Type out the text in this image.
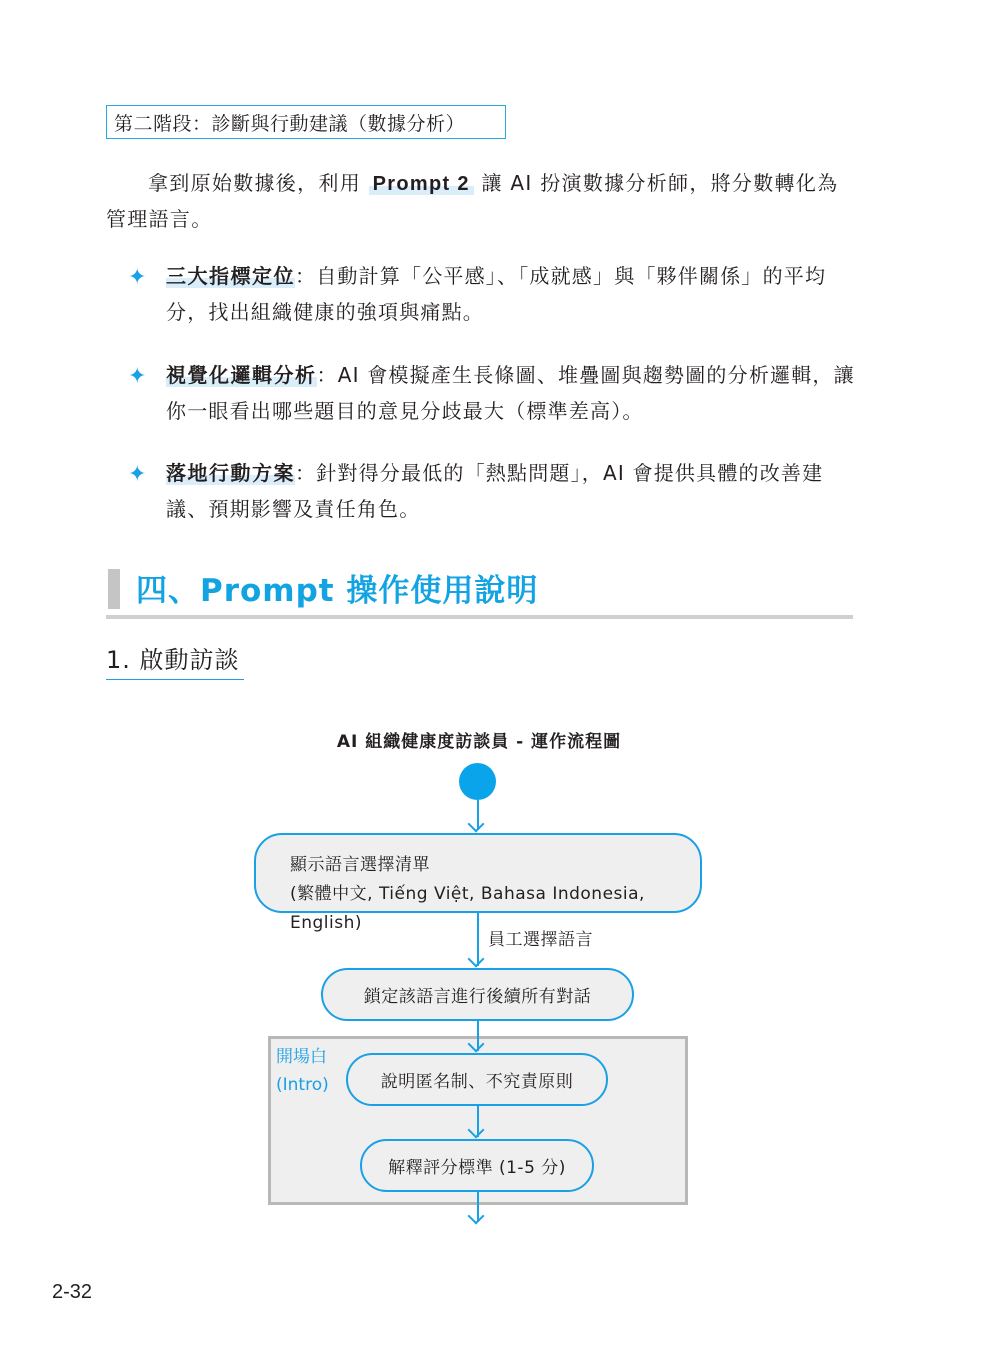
第二階段：診斷與行動建議（數據分析）
拿到原始數據後，利用 Prompt 2 讓 AI 扮演數據分析師，將分數轉化為管理語言。
✦ 三大指標定位：自動計算「公平感」、「成就感」與「夥伴關係」的平均分，找出組織健康的強項與痛點。
✦ 視覺化邏輯分析：AI 會模擬產生長條圖、堆疊圖與趨勢圖的分析邏輯，讓你一眼看出哪些題目的意見分歧最大（標準差高）。
✦ 落地行動方案：針對得分最低的「熱點問題」，AI 會提供具體的改善建議、預期影響及責任角色。
四、Prompt 操作使用說明
1. 啟動訪談
AI 組織健康度訪談員 - 運作流程圖
顯示語言選擇清單
(繁體中文, Tiếng Việt, Bahasa Indonesia, English)
員工選擇語言
鎖定該語言進行後續所有對話
開場白
(Intro)	說明匿名制、不究責原則
解釋評分標準 (1-5 分)
2-32
